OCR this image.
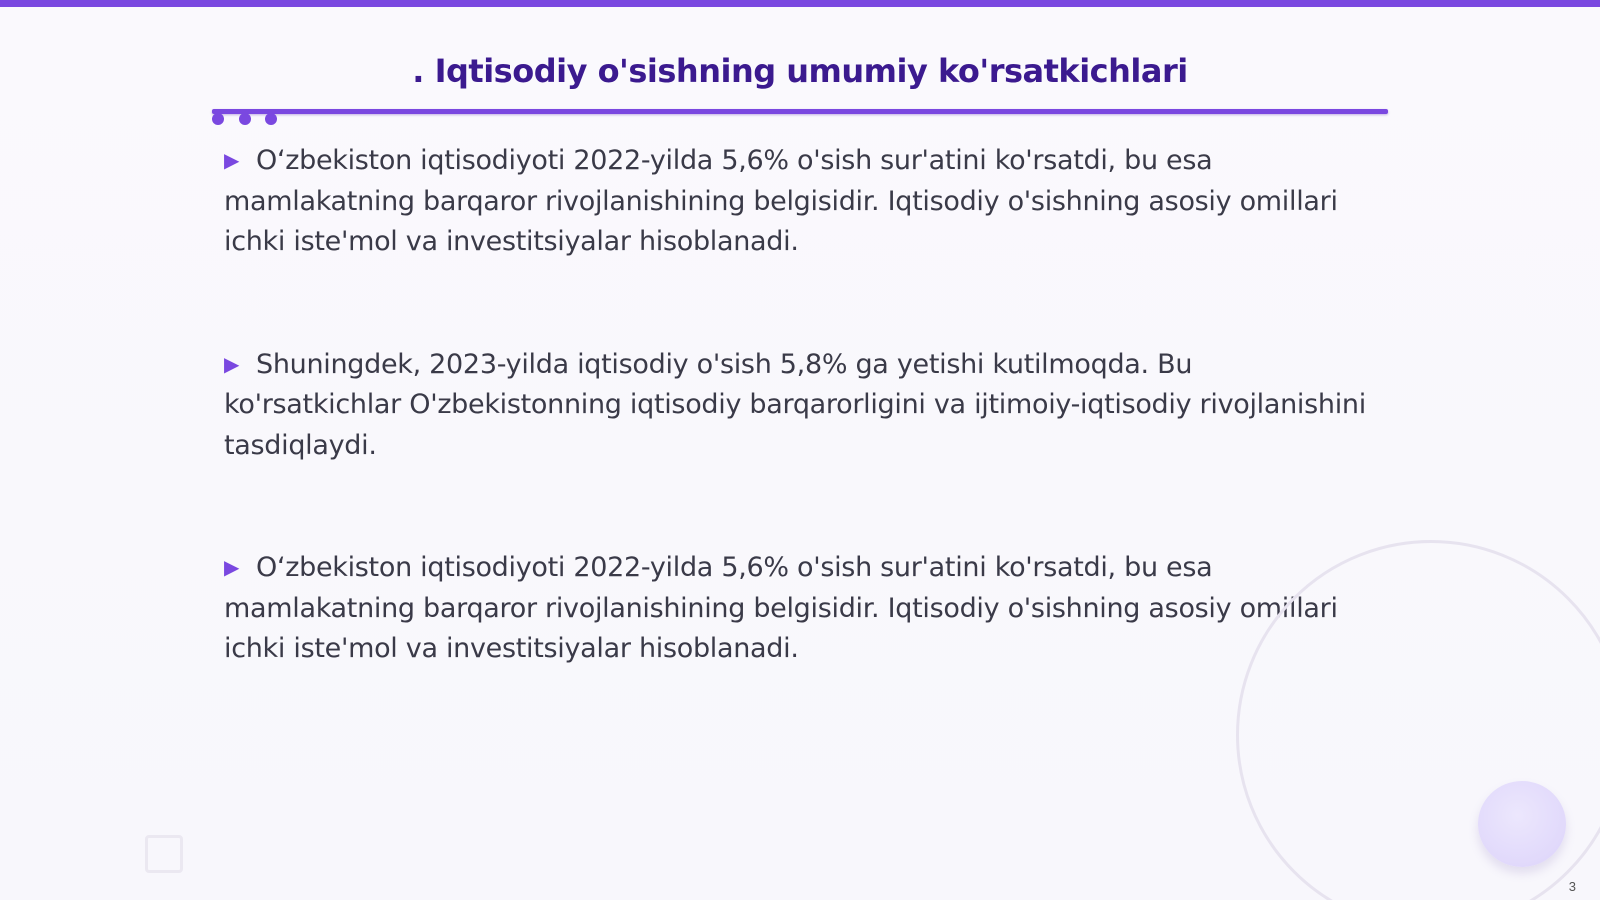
. Iqtisodiy o'sishning umumiy ko'rsatkichlari

▶ O‘zbekiston iqtisodiyoti 2022-yilda 5,6% o'sish sur'atini ko'rsatdi, bu esa mamlakatning barqaror rivojlanishining belgisidir. Iqtisodiy o'sishning asosiy omillari ichki iste'mol va investitsiyalar hisoblanadi.

▶ Shuningdek, 2023-yilda iqtisodiy o'sish 5,8% ga yetishi kutilmoqda. Bu ko'rsatkichlar O'zbekistonning iqtisodiy barqarorligini va ijtimoiy-iqtisodiy rivojlanishini tasdiqlaydi.

▶ O‘zbekiston iqtisodiyoti 2022-yilda 5,6% o'sish sur'atini ko'rsatdi, bu esa mamlakatning barqaror rivojlanishining belgisidir. Iqtisodiy o'sishning asosiy omillari ichki iste'mol va investitsiyalar hisoblanadi.

3
